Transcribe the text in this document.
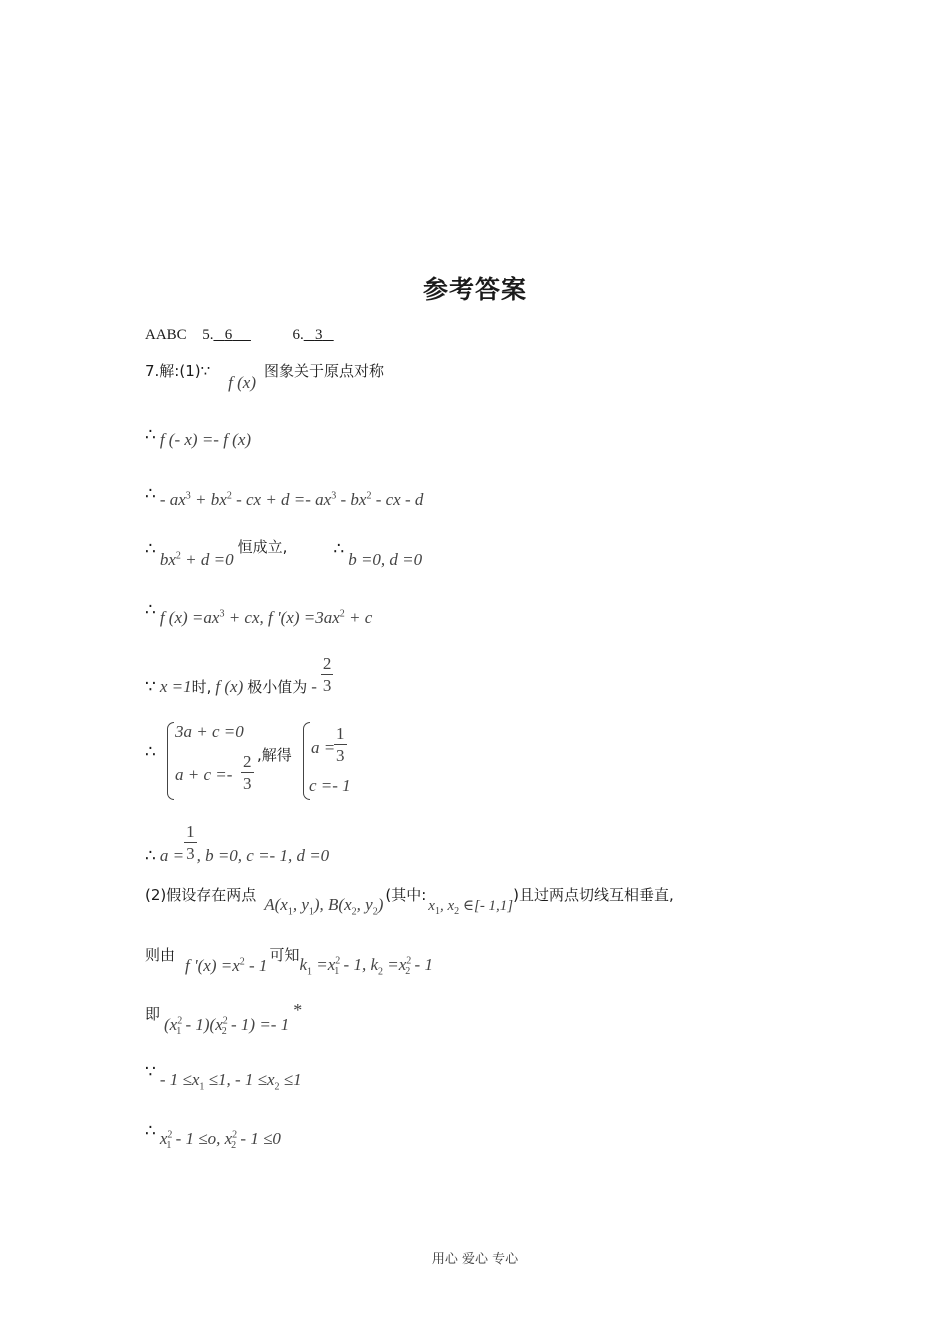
参考答案
AABC 5. 6	6. 3
7.解:(1)∵ f (x) 图象关于原点对称
∴ f (- x) =- f (x)
∴ - $ax^3 + bx^2$ - cx + $d =- ax^3 - bx^2$ - cx - d
∴ $bx^2 + d =0$ 恒成立,	∴ b =0, d =0
∴ f $(x) =ax^3$ + cx, f '$(x) =3ax^2 + c$
∵ x =1时, f (x) 极小值为 - $\frac{2}{3}$
∴
3a + c =0
$a + c =- \frac{2}{3}$ ,解得 a =
$\frac{1}{3}$
c =- 1
∴ $a = \frac{1}{3}$ , b =0, c =- 1, d =0
(2)假设存在两点 $A(x_1$, $y_1$), $B(x_2$, $y_2$) (其中: $x_1$, $x_2$ ∈[- 1,1])且过两点切线互相垂直,
则由 f '$(x) =x^2 - 1$ 可知$k_1 =x^2_1 - 1$, $k_2 =x^2_2 - 1$
即 $(x^2_1 - 1)(x^2_2 - 1) =- 1$ *
∵ - $1 \le x_1 \le 1$, - $1 \le x_2 \le 1$
∴ $x^2_1 - 1 \le o$, $x^2_2 - 1 \le 0$
用心 爱心 专心
